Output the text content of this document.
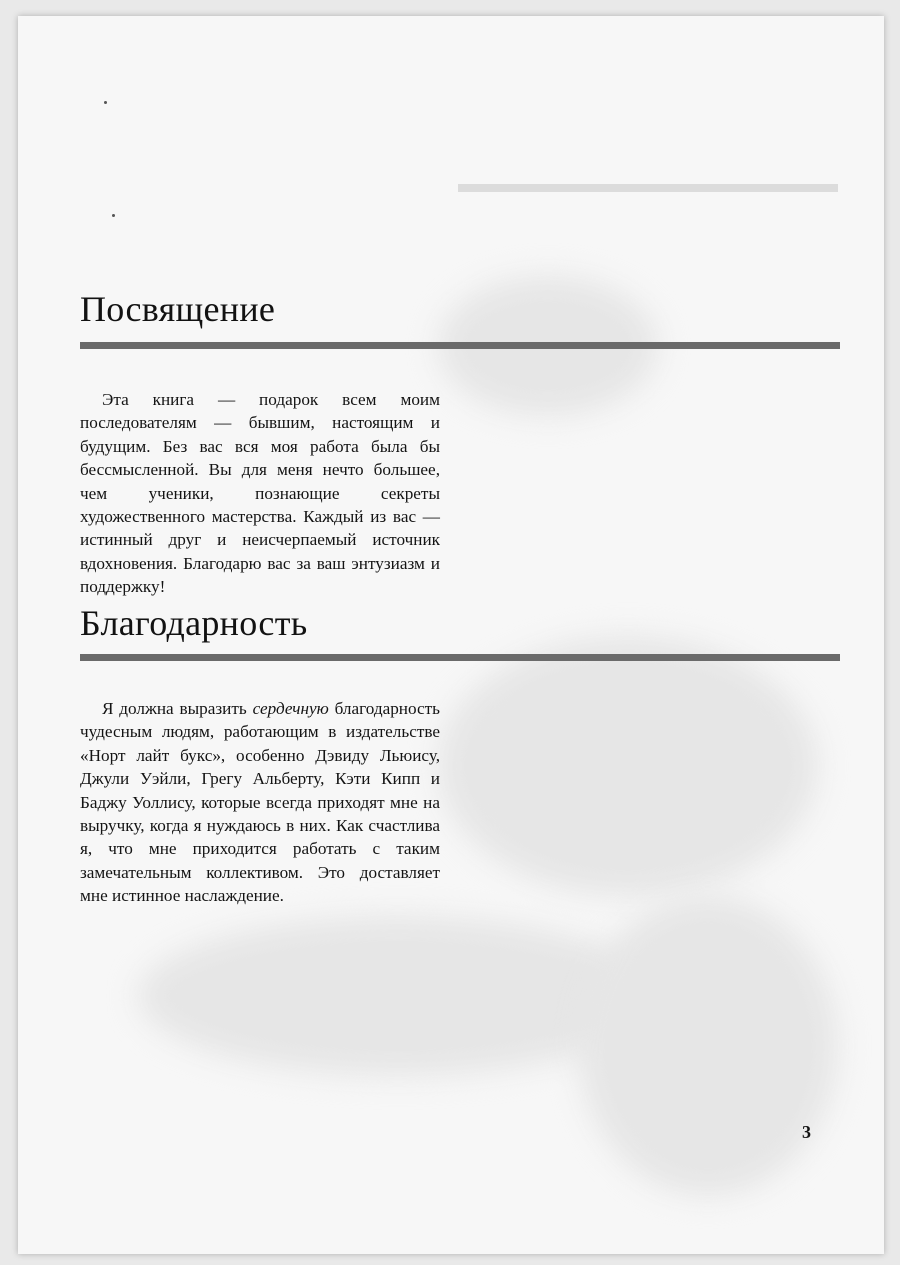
Посвящение

Эта книга — подарок всем моим последователям — бывшим, настоящим и будущим. Без вас вся моя работа была бы бессмысленной. Вы для меня нечто большее, чем ученики, познающие секреты художественного мастерства. Каждый из вас — истинный друг и неисчерпаемый источник вдохновения. Благодарю вас за ваш энтузиазм и поддержку!

Благодарность

Я должна выразить сердечную благодарность чудесным людям, работающим в издательстве «Норт лайт букс», особенно Дэвиду Льюису, Джули Уэйли, Грегу Альберту, Кэти Кипп и Баджу Уоллису, которые всегда приходят мне на выручку, когда я нуждаюсь в них. Как счастлива я, что мне приходится работать с таким замечательным коллективом. Это доставляет мне истинное наслаждение.

3
